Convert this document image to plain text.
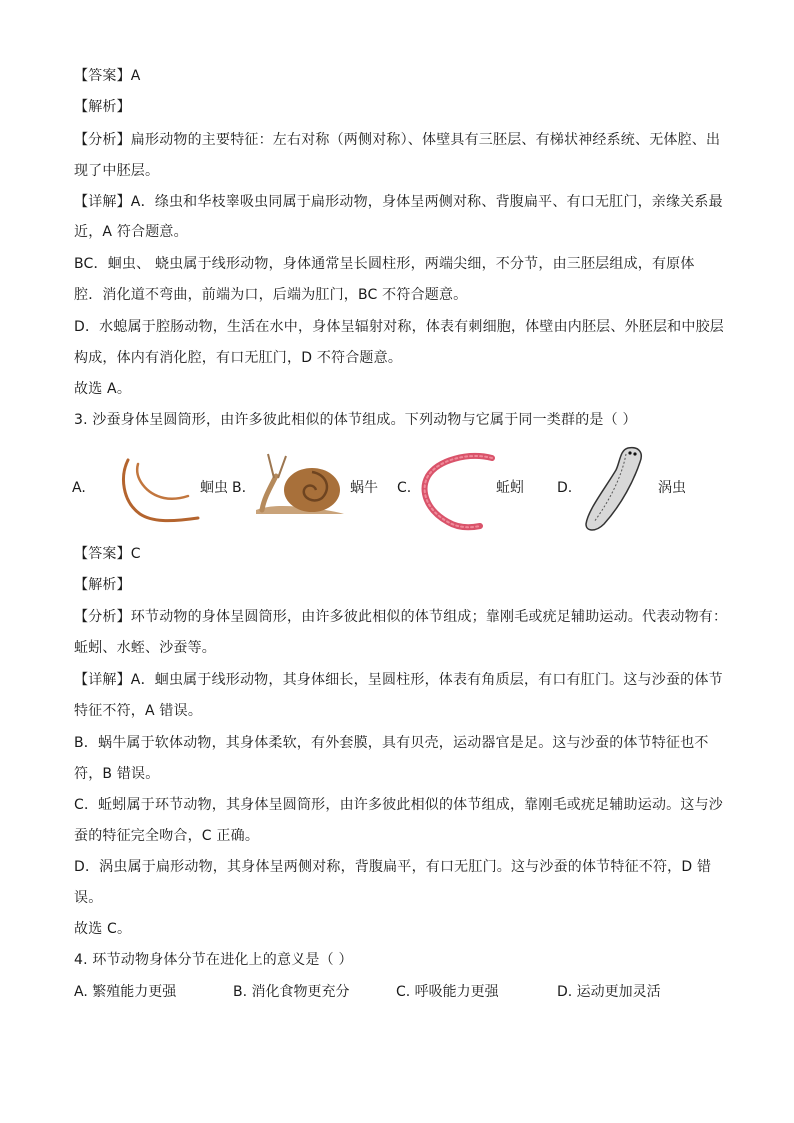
【答案】A
【解析】
【分析】扁形动物的主要特征：左右对称（两侧对称）、体壁具有三胚层、有梯状神经系统、无体腔、出
现了中胚层。
【详解】A．绦虫和华枝睾吸虫同属于扁形动物，身体呈两侧对称、背腹扁平、有口无肛门，亲缘关系最
近，A 符合题意。
BC．蛔虫、 蛲虫属于线形动物，身体通常呈长圆柱形，两端尖细，不分节，由三胚层组成，有原体
腔．消化道不弯曲，前端为口，后端为肛门，BC 不符合题意。
D．水螅属于腔肠动物，生活在水中，身体呈辐射对称，体表有刺细胞，体壁由内胚层、外胚层和中胶层
构成，体内有消化腔，有口无肛门，D 不符合题意。
故选 A。
3. 沙蚕身体呈圆筒形，由许多彼此相似的体节组成。下列动物与它属于同一类群的是（ ）
A.	蛔虫 B.	蜗牛 C.	蚯蚓 D.	涡虫
【答案】C
【解析】
【分析】环节动物的身体呈圆筒形，由许多彼此相似的体节组成；靠刚毛或疣足辅助运动。代表动物有：
蚯蚓、水蛭、沙蚕等。
【详解】A．蛔虫属于线形动物，其身体细长，呈圆柱形，体表有角质层，有口有肛门。这与沙蚕的体节
特征不符，A 错误。
B．蜗牛属于软体动物，其身体柔软，有外套膜，具有贝壳，运动器官是足。这与沙蚕的体节特征也不
符，B 错误。
C．蚯蚓属于环节动物，其身体呈圆筒形，由许多彼此相似的体节组成，靠刚毛或疣足辅助运动。这与沙
蚕的特征完全吻合，C 正确。
D．涡虫属于扁形动物，其身体呈两侧对称，背腹扁平，有口无肛门。这与沙蚕的体节特征不符，D 错
误。
故选 C。
4. 环节动物身体分节在进化上的意义是（ ）
A. 繁殖能力更强	B. 消化食物更充分	C. 呼吸能力更强	D. 运动更加灵活
